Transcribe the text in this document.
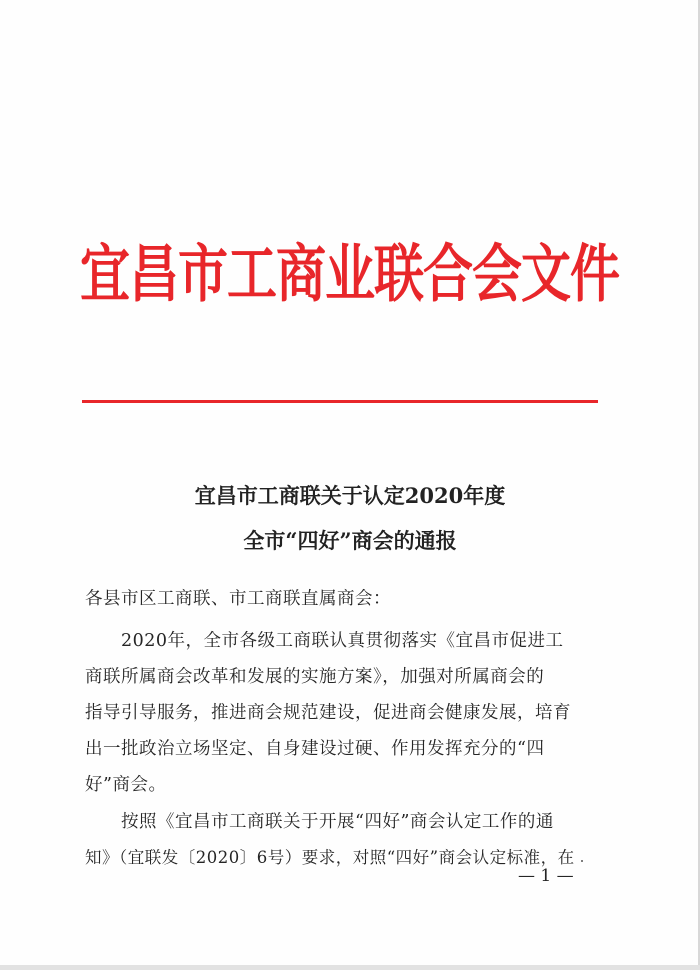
宜昌市工商业联合会文件
宜昌市工商联关于认定2020年度
全市“四好”商会的通报
各县市区工商联、市工商联直属商会：
2020年，全市各级工商联认真贯彻落实《宜昌市促进工
商联所属商会改革和发展的实施方案》，加强对所属商会的
指导引导服务，推进商会规范建设，促进商会健康发展，培育
出一批政治立场坚定、自身建设过硬、作用发挥充分的“四
好”商会。
按照《宜昌市工商联关于开展“四好”商会认定工作的通
知》（宜联发〔2020〕6号）要求，对照“四好”商会认定标准，在
— 1 —
